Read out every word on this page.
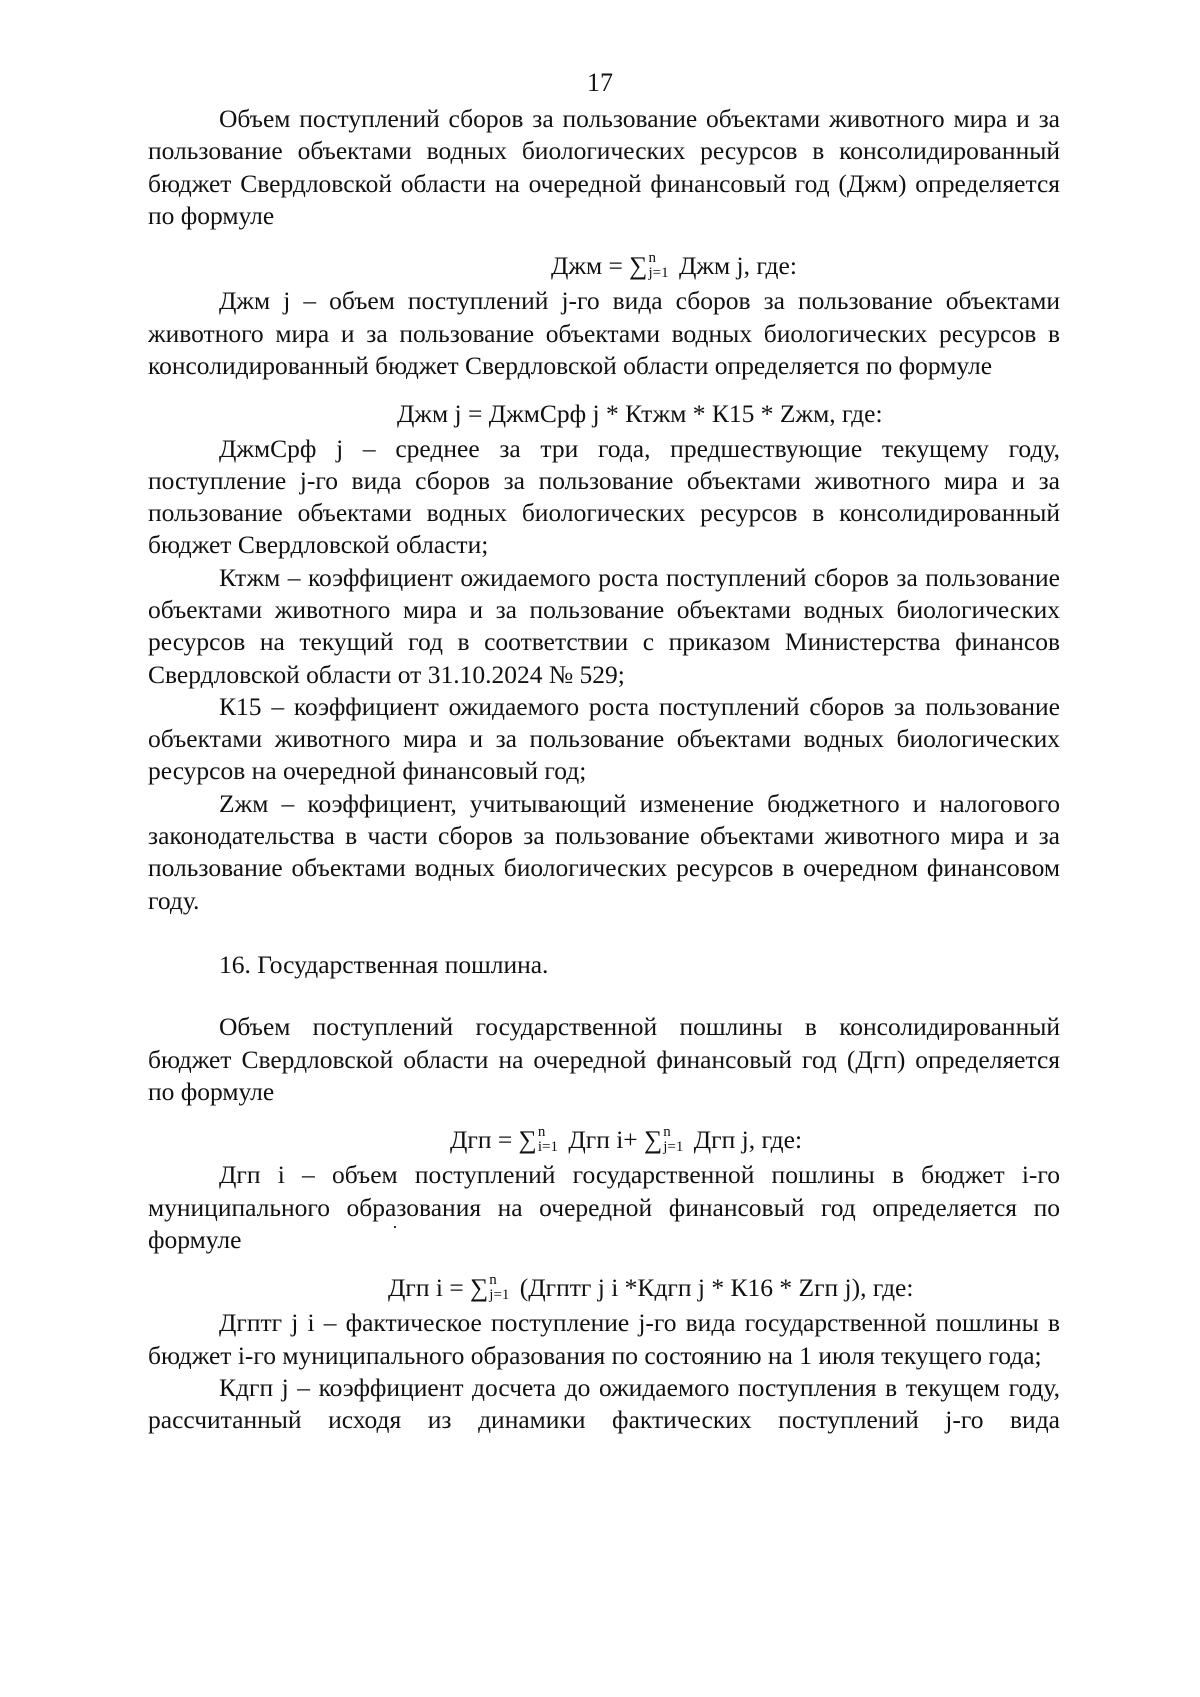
17

Объем поступлений сборов за пользование объектами животного мира и за пользование объектами водных биологических ресурсов в консолидированный бюджет Свердловской области на очередной финансовый год (Джм) определяется по формуле

Джм = ∑ n
j=1 Джм j, где:

Джм j – объем поступлений j-го вида сборов за пользование объектами животного мира и за пользование объектами водных биологических ресурсов в консолидированный бюджет Свердловской области определяется по формуле

Джм j = ДжмСрф j * Ктжм * К15 * Zжм, где:

ДжмСрф j – среднее за три года, предшествующие текущему году, поступление j-го вида сборов за пользование объектами животного мира и за пользование объектами водных биологических ресурсов в консолидированный бюджет Свердловской области;

Ктжм – коэффициент ожидаемого роста поступлений сборов за пользование объектами животного мира и за пользование объектами водных биологических ресурсов на текущий год в соответствии с приказом Министерства финансов Свердловской области от 31.10.2024 № 529;

К15 – коэффициент ожидаемого роста поступлений сборов за пользование объектами животного мира и за пользование объектами водных биологических ресурсов на очередной финансовый год;

Zжм – коэффициент, учитывающий изменение бюджетного и налогового законодательства в части сборов за пользование объектами животного мира и за пользование объектами водных биологических ресурсов в очередном финансовом году.

16. Государственная пошлина.

Объем поступлений государственной пошлины в консолидированный бюджет Свердловской области на очередной финансовый год (Дгп) определяется по формуле

Дгп = ∑ n
i=1 Дгп i+ ∑ n
j=1 Дгп j, где:

Дгп i – объем поступлений государственной пошлины в бюджет i-го муниципального образования на очередной финансовый год определяется по формуле

Дгп i = ∑ n
j=1 (Дгптг j i *Кдгп j * К16 * Zгп j), где:

Дгптг j i – фактическое поступление j-го вида государственной пошлины в бюджет i-го муниципального образования по состоянию на 1 июля текущего года;

Кдгп j – коэффициент досчета до ожидаемого поступления в текущем году, рассчитанный исходя из динамики фактических поступлений j-го вида
